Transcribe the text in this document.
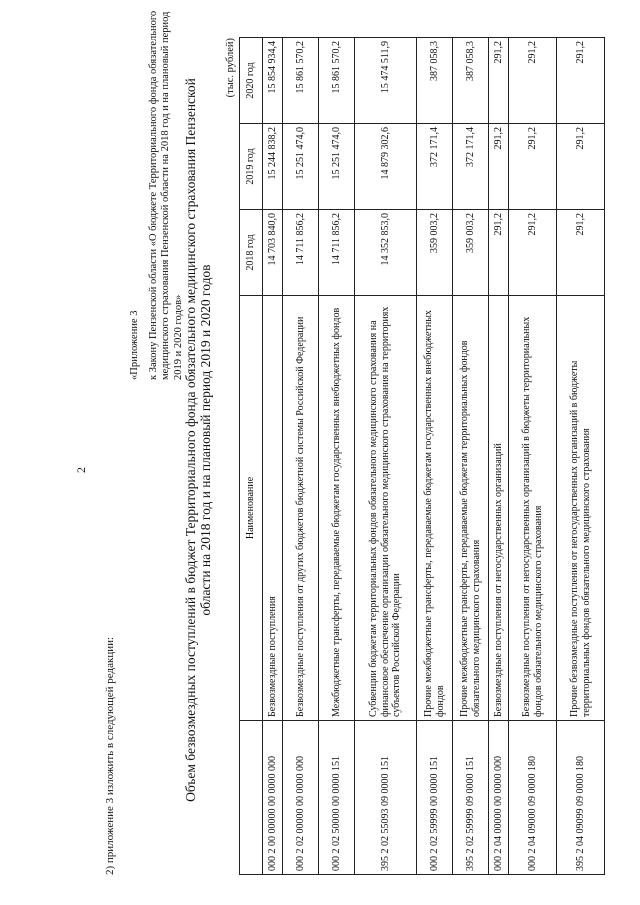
2
2) приложение 3 изложить в следующей редакции:
«Приложение 3 к Закону Пензенской области «О бюджете Территориального фонда обязательного медицинского страхования Пензенской области на 2018 год и на плановый период 2019 и 2020 годов» Объем безвозмездных поступлений в бюджет Территориального фонда обязательного медицинского страхования Пензенской области на 2018 год и на плановый период 2019 и 2020 годов
(тыс. рублей)
	Наименование	2018 год	2019 год	2020 год
000 2 00 00000 00 0000 000	Безвозмездные поступления	14 703 840,0	15 244 838,2	15 854 934,4
000 2 02 00000 00 0000 000	Безвозмездные поступления от других бюджетов бюджетной системы Российской Федерации	14 711 856,2	15 251 474,0	15 861 570,2
000 2 02 50000 00 0000 151	Межбюджетные трансферты, передаваемые бюджетам государственных внебюджетных фондов	14 711 856,2	15 251 474,0	15 861 570,2
395 2 02 55093 09 0000 151	Субвенции бюджетам территориальных фондов обязательного медицинского страхования на финансовое обеспечение организации обязательного медицинского страхования на территориях субъектов Российской Федерации	14 352 853,0	14 879 302,6	15 474 511,9
000 2 02 59999 00 0000 151	Прочие межбюджетные трансферты, передаваемые бюджетам государственных внебюджетных фондов	359 003,2	372 171,4	387 058,3
395 2 02 59999 09 0000 151	Прочие межбюджетные трансферты, передаваемые бюджетам территориальных фондов обязательного медицинского страхования	359 003,2	372 171,4	387 058,3
000 2 04 00000 00 0000 000	Безвозмездные поступления от негосударственных организаций	291,2	291,2	291,2
000 2 04 09000 09 0000 180	Безвозмездные поступления от негосударственных организаций в бюджеты территориальных фондов обязательного медицинского страхования	291,2	291,2	291,2
395 2 04 09099 09 0000 180	Прочие безвозмездные поступления от негосударственных организаций в бюджеты территориальных фондов обязательного медицинского страхования	291,2	291,2	291,2
